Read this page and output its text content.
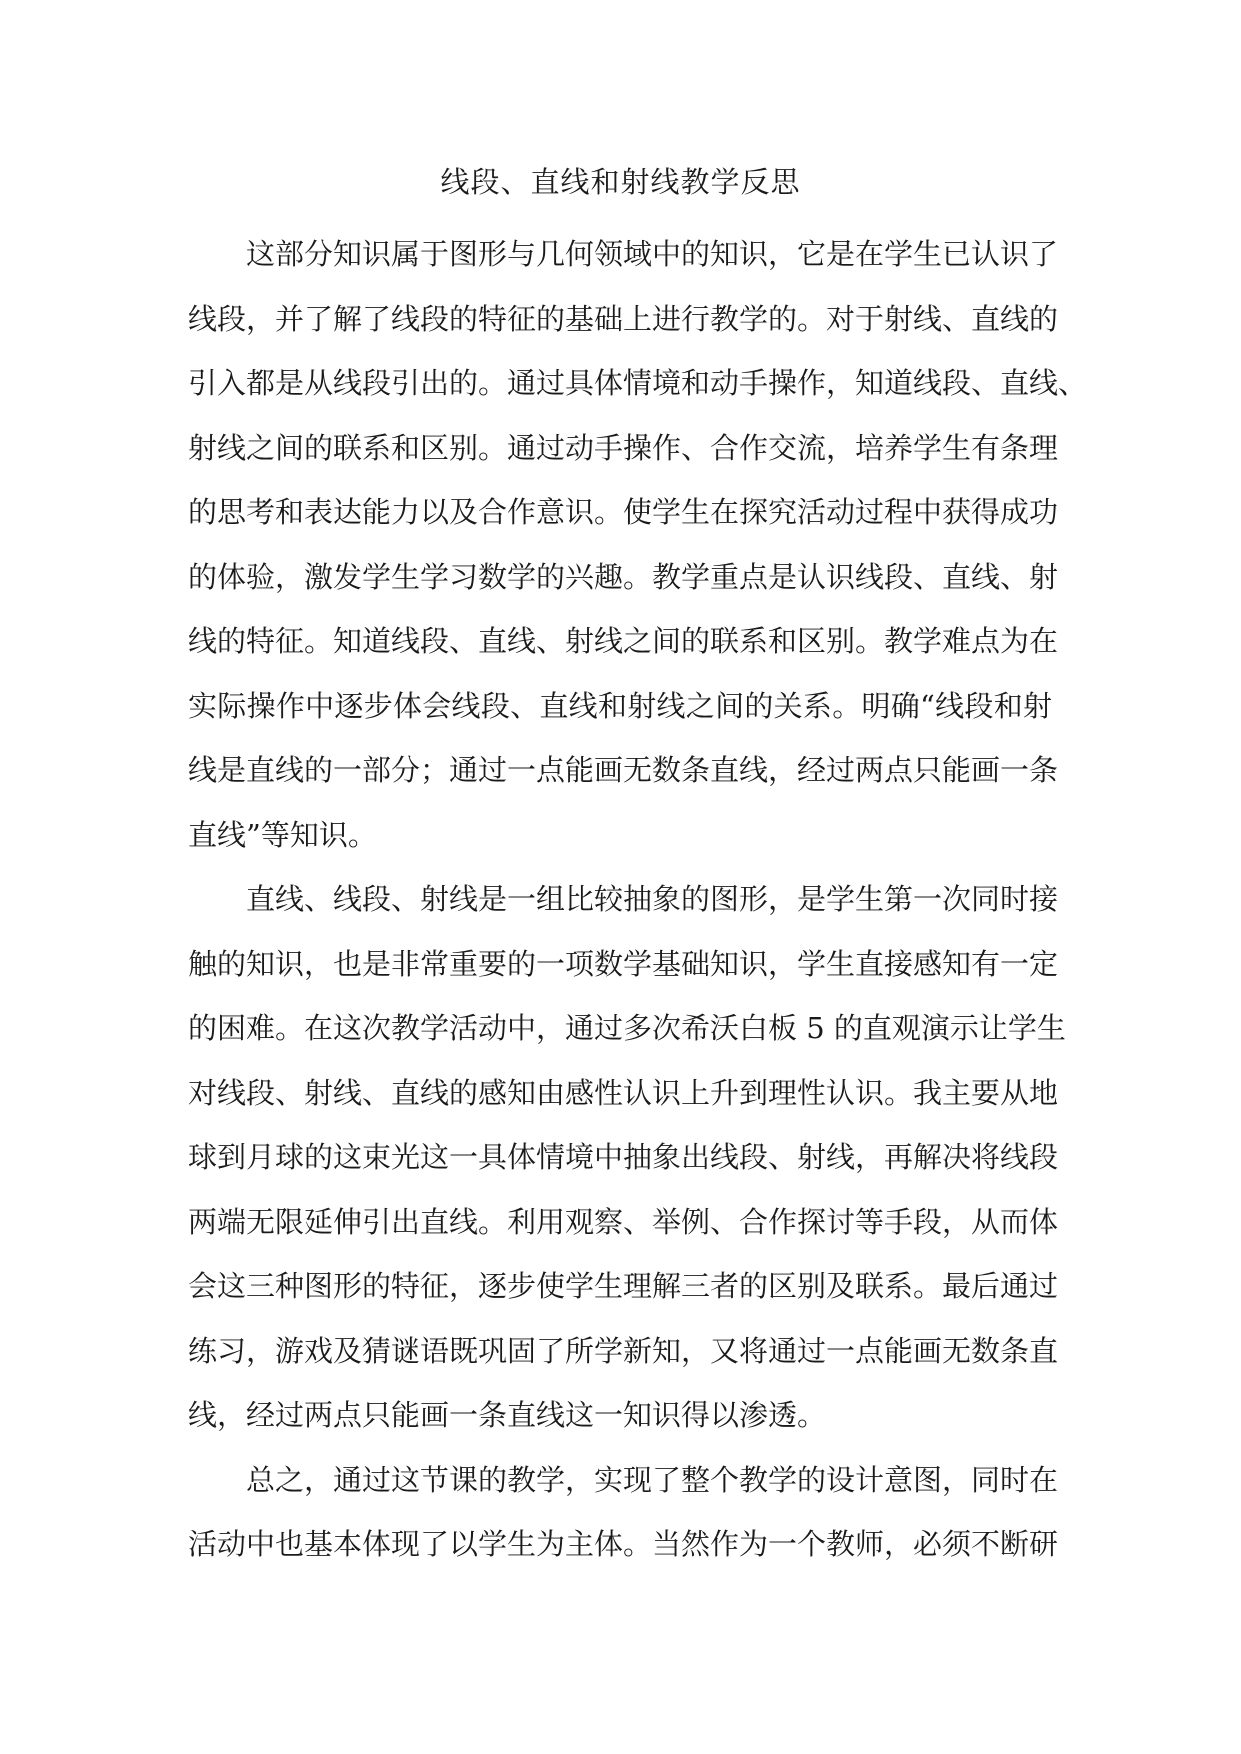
线段、直线和射线教学反思
这部分知识属于图形与几何领域中的知识，它是在学生已认识了
线段，并了解了线段的特征的基础上进行教学的。对于射线、直线的
引入都是从线段引出的。通过具体情境和动手操作，知道线段、直线、
射线之间的联系和区别。通过动手操作、合作交流，培养学生有条理
的思考和表达能力以及合作意识。使学生在探究活动过程中获得成功
的体验，激发学生学习数学的兴趣。教学重点是认识线段、直线、射
线的特征。知道线段、直线、射线之间的联系和区别。教学难点为在
实际操作中逐步体会线段、直线和射线之间的关系。明确“线段和射
线是直线的一部分；通过一点能画无数条直线，经过两点只能画一条
直线”等知识。
直线、线段、射线是一组比较抽象的图形，是学生第一次同时接
触的知识，也是非常重要的一项数学基础知识，学生直接感知有一定
的困难。在这次教学活动中，通过多次希沃白板 5 的直观演示让学生
对线段、射线、直线的感知由感性认识上升到理性认识。我主要从地
球到月球的这束光这一具体情境中抽象出线段、射线，再解决将线段
两端无限延伸引出直线。利用观察、举例、合作探讨等手段，从而体
会这三种图形的特征，逐步使学生理解三者的区别及联系。最后通过
练习，游戏及猜谜语既巩固了所学新知，又将通过一点能画无数条直
线，经过两点只能画一条直线这一知识得以渗透。
总之，通过这节课的教学，实现了整个教学的设计意图，同时在
活动中也基本体现了以学生为主体。当然作为一个教师，必须不断研
